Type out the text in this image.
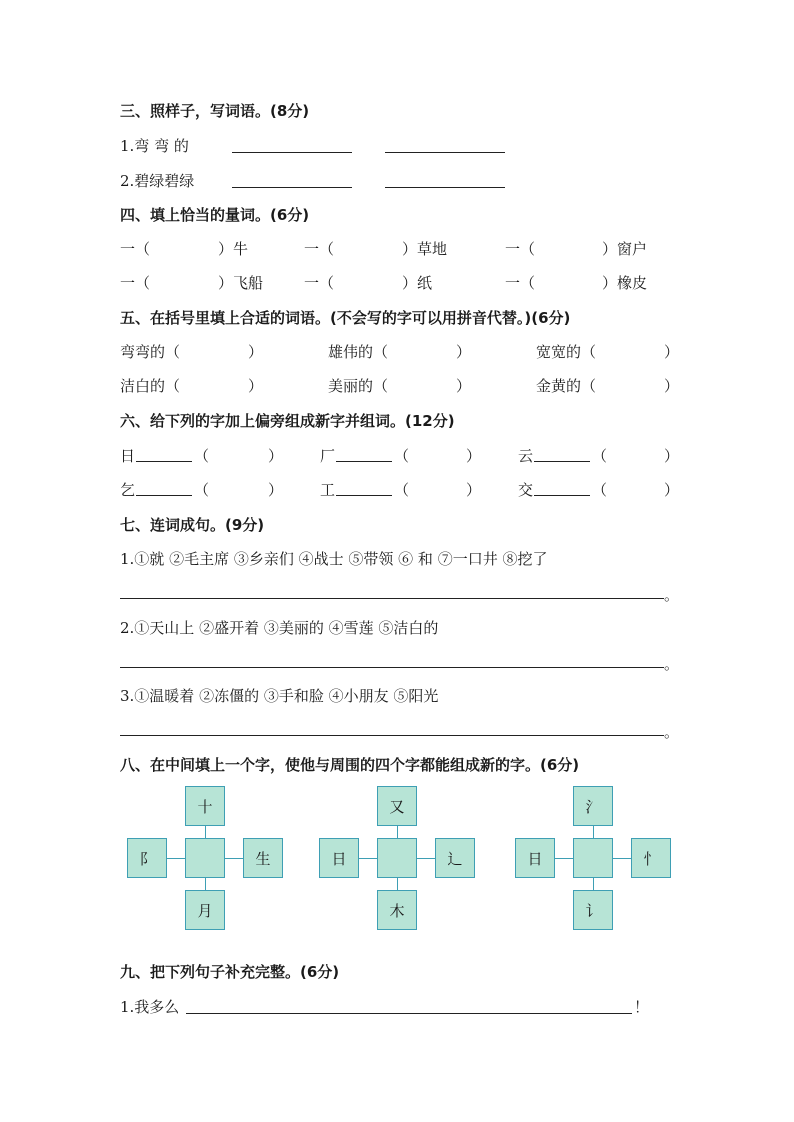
三、照样子，写词语。(8分)
1.弯 弯 的
2.碧绿碧绿
四、填上恰当的量词。(6分)
一（	）牛	一（	）草地	一（	）窗户
一（	）飞船	一（	）纸	一（	）橡皮
五、在括号里填上合适的词语。(不会写的字可以用拼音代替。)(6分)
弯弯的（	）	雄伟的（	）	宽宽的（	）
洁白的（	）	美丽的（	）	金黄的（	）
六、给下列的字加上偏旁组成新字并组词。(12分)
日	（	） 厂	（	） 云	（	）
乞	（	） 工	（	） 交	（	）
七、连词成句。(9分)
1.①就 ②毛主席 ③乡亲们 ④战士 ⑤带领 ⑥ 和 ⑦一口井 ⑧挖了
。
2.①天山上 ②盛开着 ③美丽的 ④雪莲 ⑤洁白的
。
3.①温暖着 ②冻僵的 ③手和脸 ④小朋友 ⑤阳光
。
八、在中间填上一个字，使他与周围的四个字都能组成新的字。(6分)
十
阝	生
月
又
日	辶
木
氵
日	忄
讠
九、把下列句子补充完整。(6分)
1.我多么	！
